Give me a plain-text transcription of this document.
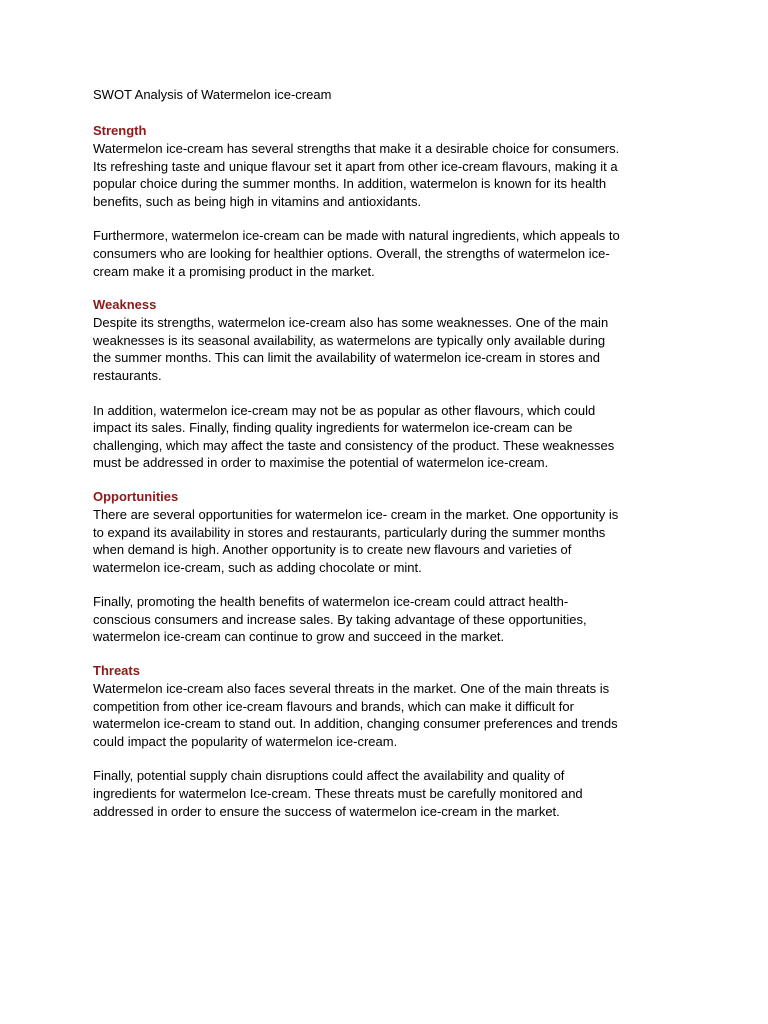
SWOT Analysis of Watermelon ice-cream
Strength
Watermelon ice-cream has several strengths that make it a desirable choice for consumers.
Its refreshing taste and unique flavour set it apart from other ice-cream flavours, making it a
popular choice during the summer months. In addition, watermelon is known for its health
benefits, such as being high in vitamins and antioxidants.
Furthermore, watermelon ice-cream can be made with natural ingredients, which appeals to
consumers who are looking for healthier options. Overall, the strengths of watermelon ice-
cream make it a promising product in the market.
Weakness
Despite its strengths, watermelon ice-cream also has some weaknesses. One of the main
weaknesses is its seasonal availability, as watermelons are typically only available during
the summer months. This can limit the availability of watermelon ice-cream in stores and
restaurants.
In addition, watermelon ice-cream may not be as popular as other flavours, which could
impact its sales. Finally, finding quality ingredients for watermelon ice-cream can be
challenging, which may affect the taste and consistency of the product. These weaknesses
must be addressed in order to maximise the potential of watermelon ice-cream.
Opportunities
There are several opportunities for watermelon ice- cream in the market. One opportunity is
to expand its availability in stores and restaurants, particularly during the summer months
when demand is high. Another opportunity is to create new flavours and varieties of
watermelon ice-cream, such as adding chocolate or mint.
Finally, promoting the health benefits of watermelon ice-cream could attract health-
conscious consumers and increase sales. By taking advantage of these opportunities,
watermelon ice-cream can continue to grow and succeed in the market.
Threats
Watermelon ice-cream also faces several threats in the market. One of the main threats is
competition from other ice-cream flavours and brands, which can make it difficult for
watermelon ice-cream to stand out. In addition, changing consumer preferences and trends
could impact the popularity of watermelon ice-cream.
Finally, potential supply chain disruptions could affect the availability and quality of
ingredients for watermelon Ice-cream. These threats must be carefully monitored and
addressed in order to ensure the success of watermelon ice-cream in the market.
